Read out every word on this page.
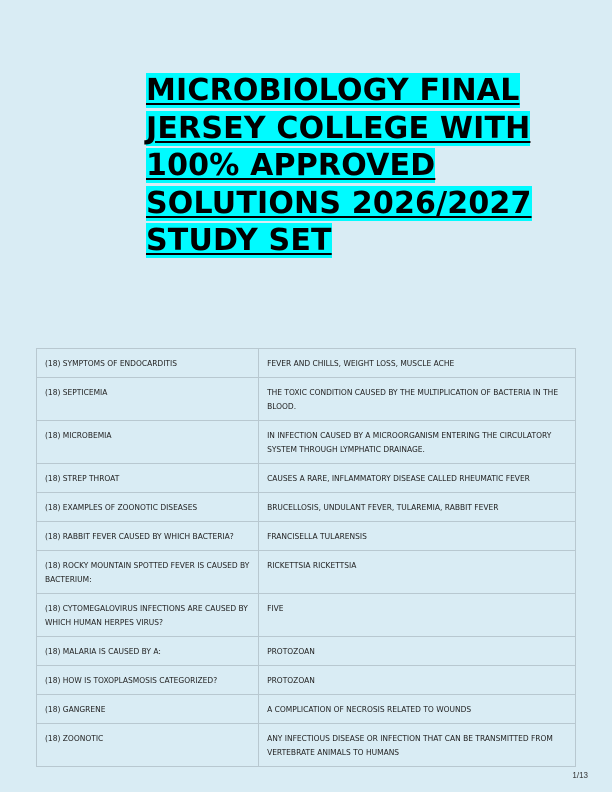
MICROBIOLOGY FINAL
JERSEY COLLEGE WITH
100% APPROVED
SOLUTIONS 2026/2027
STUDY SET
(18) SYMPTOMS OF ENDOCARDITIS	FEVER AND CHILLS, WEIGHT LOSS, MUSCLE ACHE
(18) SEPTICEMIA	THE TOXIC CONDITION CAUSED BY THE MULTIPLICATION OF BACTERIA IN THE BLOOD.
(18) MICROBEMIA	IN INFECTION CAUSED BY A MICROORGANISM ENTERING THE CIRCULATORY SYSTEM THROUGH LYMPHATIC DRAINAGE.
(18) STREP THROAT	CAUSES A RARE, INFLAMMATORY DISEASE CALLED RHEUMATIC FEVER
(18) EXAMPLES OF ZOONOTIC DISEASES	BRUCELLOSIS, UNDULANT FEVER, TULAREMIA, RABBIT FEVER
(18) RABBIT FEVER CAUSED BY WHICH BACTERIA?	FRANCISELLA TULARENSIS
(18) ROCKY MOUNTAIN SPOTTED FEVER IS CAUSED BY BACTERIUM:	RICKETTSIA RICKETTSIA
(18) CYTOMEGALOVIRUS INFECTIONS ARE CAUSED BY WHICH HUMAN HERPES VIRUS?	FIVE
(18) MALARIA IS CAUSED BY A:	PROTOZOAN
(18) HOW IS TOXOPLASMOSIS CATEGORIZED?	PROTOZOAN
(18) GANGRENE	A COMPLICATION OF NECROSIS RELATED TO WOUNDS
(18) ZOONOTIC	ANY INFECTIOUS DISEASE OR INFECTION THAT CAN BE TRANSMITTED FROM VERTEBRATE ANIMALS TO HUMANS
1/13
